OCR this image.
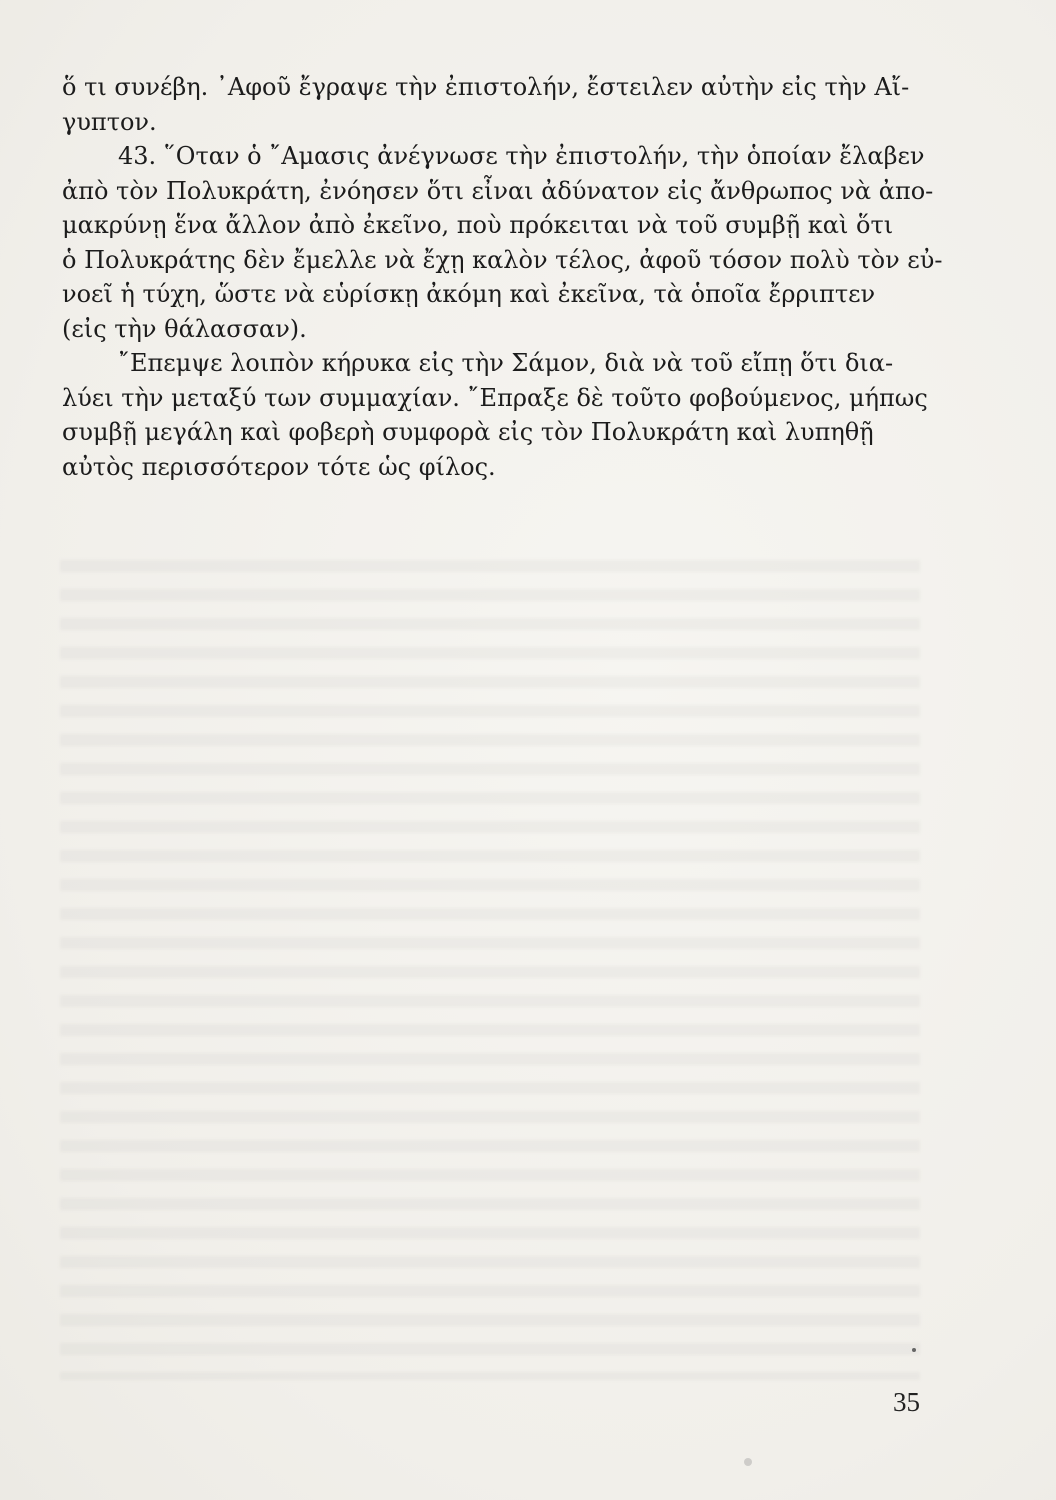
ὅ τι συνέβη. ᾿Αφοῦ ἔγραψε τὴν ἐπιστολήν, ἔστειλεν αὐτὴν εἰς τὴν Αἴ-
γυπτον.

43. ῞Οταν ὁ ῎Αμασις ἀνέγνωσε τὴν ἐπιστολήν, τὴν ὁποίαν ἔλαβεν
ἀπὸ τὸν Πολυκράτη, ἐνόησεν ὅτι εἶναι ἀδύνατον εἰς ἄνθρωπος νὰ ἀπο-
μακρύνῃ ἕνα ἄλλον ἀπὸ ἐκεῖνο, ποὺ πρόκειται νὰ τοῦ συμβῇ καὶ ὅτι
ὁ Πολυκράτης δὲν ἔμελλε νὰ ἔχῃ καλὸν τέλος, ἀφοῦ τόσον πολὺ τὸν εὐ-
νοεῖ ἡ τύχη, ὥστε νὰ εὑρίσκῃ ἀκόμη καὶ ἐκεῖνα, τὰ ὁποῖα ἔρριπτεν
(εἰς τὴν θάλασσαν).

῎Επεμψε λοιπὸν κήρυκα εἰς τὴν Σάμον, διὰ νὰ τοῦ εἴπῃ ὅτι δια-
λύει τὴν μεταξύ των συμμαχίαν. ῎Επραξε δὲ τοῦτο φοβούμενος, μήπως
συμβῇ μεγάλη καὶ φοβερὴ συμφορὰ εἰς τὸν Πολυκράτη καὶ λυπηθῇ
αὐτὸς περισσότερον τότε ὡς φίλος.

35
